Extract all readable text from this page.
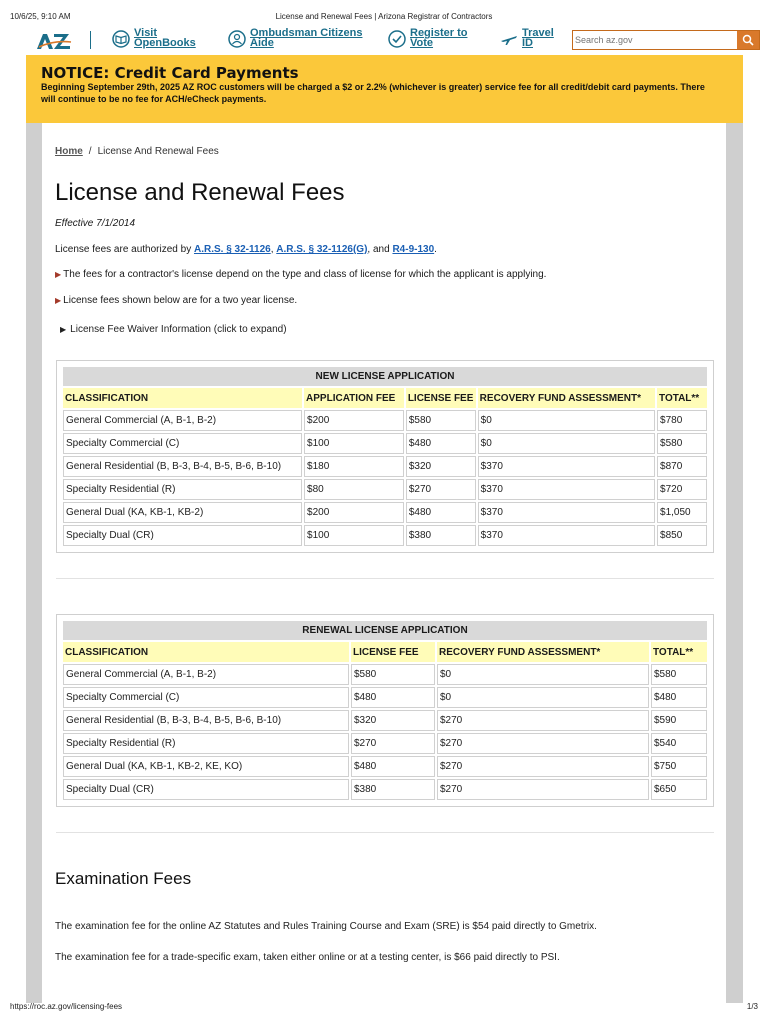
10/6/25, 9:10 AM	License and Renewal Fees | Arizona Registrar of Contractors
Visit OpenBooks
Ombudsman Citizens Aide
Register to Vote
Travel ID
Search az.gov
NOTICE: Credit Card Payments

Beginning September 29th, 2025 AZ ROC customers will be charged a $2 or 2.2% (whichever is greater) service fee for all credit/debit card payments. There will continue to be no fee for ACH/eCheck payments.

Home / License And Renewal Fees
License and Renewal Fees
Effective 7/1/2014
License fees are authorized by A.R.S. § 32-1126, A.R.S. § 32-1126(G), and R4-9-130.
▶ The fees for a contractor's license depend on the type and class of license for which the applicant is applying.
▶ License fees shown below are for a two year license.
▶ License Fee Waiver Information (click to expand)
NEW LICENSE APPLICATION				
CLASSIFICATION	APPLICATION FEE	LICENSE FEE	RECOVERY FUND ASSESSMENT*	TOTAL**
General Commercial (A, B-1, B-2)	$200	$580	$0	$780
Specialty Commercial (C)	$100	$480	$0	$580
General Residential (B, B-3, B-4, B-5, B-6, B-10)	$180	$320	$370	$870
Specialty Residential (R)	$80	$270	$370	$720
General Dual (KA, KB-1, KB-2)	$200	$480	$370	$1,050
Specialty Dual (CR)	$100	$380	$370	$850
RENEWAL LICENSE APPLICATION			
CLASSIFICATION	LICENSE FEE	RECOVERY FUND ASSESSMENT*	TOTAL**
General Commercial (A, B-1, B-2)	$580	$0	$580
Specialty Commercial (C)	$480	$0	$480
General Residential (B, B-3, B-4, B-5, B-6, B-10)	$320	$270	$590
Specialty Residential (R)	$270	$270	$540
General Dual (KA, KB-1, KB-2, KE, KO)	$480	$270	$750
Specialty Dual (CR)	$380	$270	$650
Examination Fees

The examination fee for the online AZ Statutes and Rules Training Course and Exam (SRE) is $54 paid directly to Gmetrix.

The examination fee for a trade-specific exam, taken either online or at a testing center, is $66 paid directly to PSI.

https://roc.az.gov/licensing-fees	1/3
